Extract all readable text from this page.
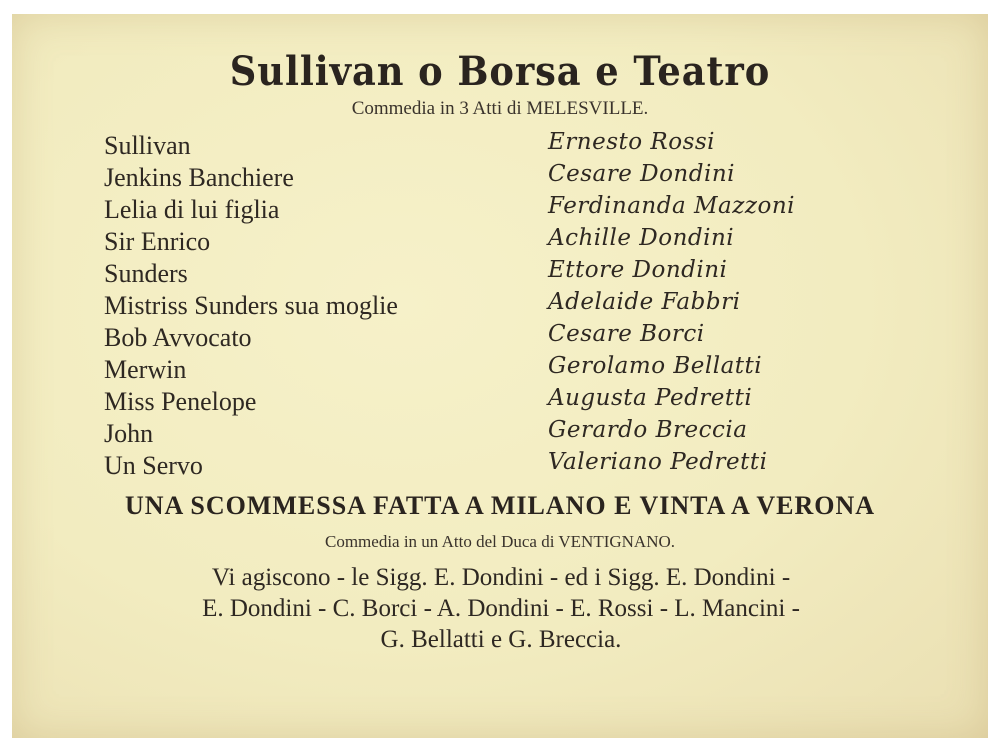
Sullivan o Borsa e Teatro
Commedia in 3 Atti di MELESVILLE.
Sullivan
Jenkins Banchiere
Lelia di lui figlia
Sir Enrico
Sunders
Mistriss Sunders sua moglie
Bob Avvocato
Merwin
Miss Penelope
John
Un Servo
Ernesto Rossi
Cesare Dondini
Ferdinanda Mazzoni
Achille Dondini
Ettore Dondini
Adelaide Fabbri
Cesare Borci
Gerolamo Bellatti
Augusta Pedretti
Gerardo Breccia
Valeriano Pedretti
UNA SCOMMESSA FATTA A MILANO E VINTA A VERONA
Commedia in un Atto del Duca di VENTIGNANO.
Vi agiscono - le Sigg. E. Dondini - ed i Sigg. E. Dondini -
E. Dondini - C. Borci - A. Dondini - E. Rossi - L. Mancini -
G. Bellatti e G. Breccia.
